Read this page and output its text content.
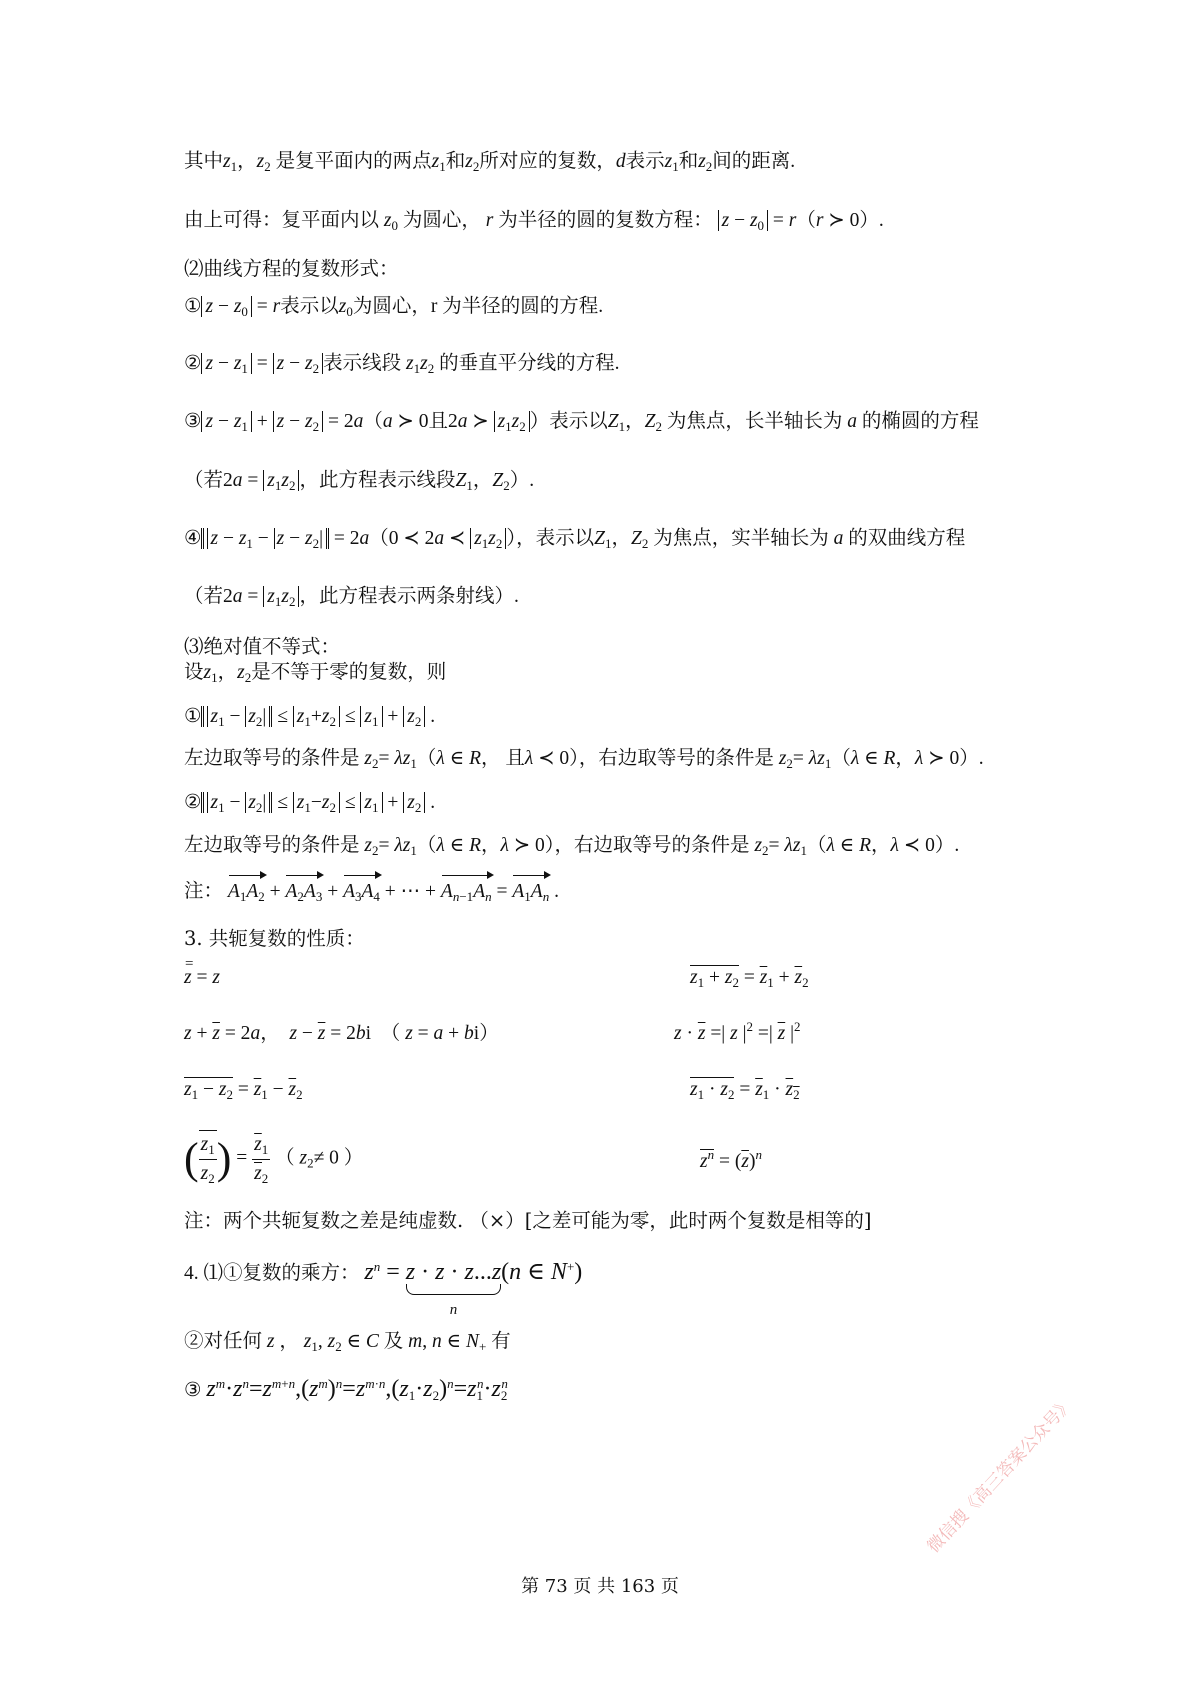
其中$z_1$，$z_2$ 是复平面内的两点$z_1$和$z_2$所对应的复数，d表示$z_1$和$z_2$间的距离.
由上可得：复平面内以 $z_0$ 为圆心， r 为半径的圆的复数方程： $z - z_0 = r(r$ ≻ 0）.
⑵曲线方程的复数形式：
① $z - z_0 = r$表示以$z_0$为圆心，r 为半径的圆的方程.
② $z - z_1 = z - z_2$ 表示线段 $z_1z_2$ 的垂直平分线的方程.
③ $z - z_1 + z - z_2 = 2a(a$ ≻ 0且2a ≻ $z_1z_2$ ）表示以$Z_1$，$Z_2$ 为焦点，长半轴长为 a 的椭圆的方程
（若$2a = z_1z_2$ ，此方程表示线段$Z_1$，$Z_2$）.
④ $z - z_1 - z - z_2| = 2a(0$ ≺ 2a ≺ $z_1z_2$ ），表示以$Z_1$，$Z_2$ 为焦点，实半轴长为 a 的双曲线方程
（若$2a = z_1z_2$ ，此方程表示两条射线）.
⑶绝对值不等式：
设$z_1$，$z_2$是不等于零的复数，则
① $z_1 - z_2| \le z_1+z_2 \le z_1 + z_2$ .
左边取等号的条件是 $z_2= \lambda z_1(\lambda$ ∈ R， 且λ ≺ 0），右边取等号的条件是 $z_2= \lambda z_1(\lambda$ ∈ R，λ ≻ 0）.
② $z_1 - z_2| \le z_1-z_2 \le z_1 + z_2$ .
左边取等号的条件是 $z_2= \lambda z_1(\lambda$ ∈ R，λ ≻ 0），右边取等号的条件是 $z_2= \lambda z_1(\lambda$ ∈ R，λ ≺ 0）.
注： $A_1A_2 + A_2A_3 + A_3A_4$ + ⋯ + $A_{n-1}A_n = A_1A_n$ .
3. 共轭复数的性质：
=
z = z
$z + \overline{z} = 2a$，  $z - \overline{z} = 2bi$  （ z = a + bi）
$z_1 - z_2 = \overline{z}_1 - \overline{z}_2$
( $\frac{z_1}{z_2}$ ) = $\frac{\overline{z}_1}{z_2}$ （ $z_2\ne 0$ ）
$z_1 + z_2 = \overline{z}_1 + \overline{z}_2$
$z \cdot \overline{z}$ =| z $|^2$ =| $\overline{z}$ $|^2$
$z_1 \cdot z_2 = \overline{z}_1 \cdot z_2$
$z^n = (\overline{z})^n$
注：两个共轭复数之差是纯虚数. （×）[之差可能为零，此时两个复数是相等的]
4. ⑴①复数的乘方： $z^n = z \cdot z \cdot z...z$
n
(n ∈ N+)
②对任何 z ， $z_1$, $z_2$ ∈ C 及 m, n ∈ $N_+$ 有
③ $z^m\cdot z^n=z^{m+n},(z^m)^n=z^{m\cdot n},(z_1\cdot z_2)^n=z_1^n\cdot z_2^n$
第 73 页 共 163 页
微信搜《高三答案公众号》
